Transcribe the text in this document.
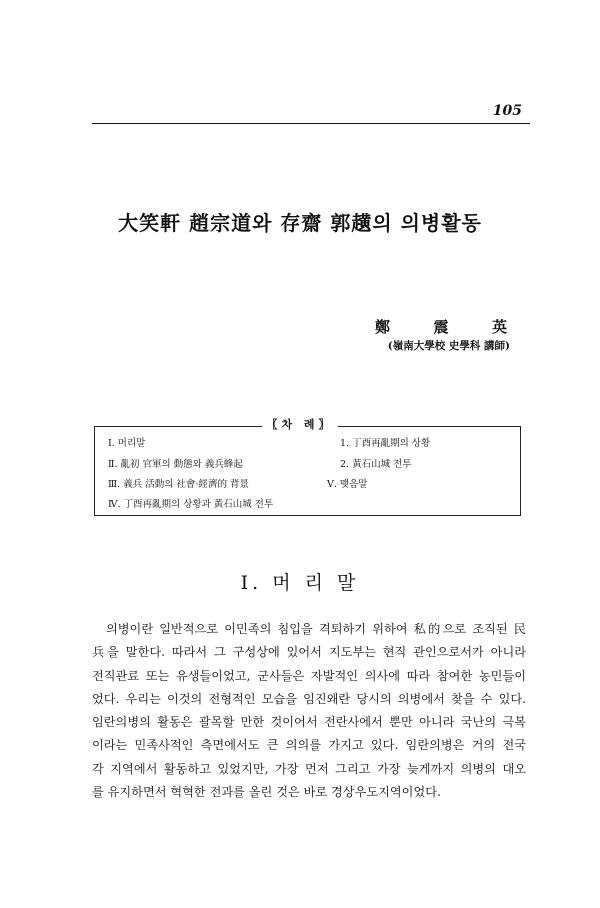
105
大笑軒 趙宗道와 存齋 郭趪의 의병활동
鄭	震	英
(嶺南大學校 史學科 講師)
〖차 례〗
Ⅰ. 머리말
Ⅱ. 亂初 官軍의 動態와 義兵蜂起
Ⅲ. 義兵 活動의 社會·經濟的 背景
Ⅳ. 丁酉再亂期의 상황과 黃石山城 전투
1. 丁酉再亂期의 상황
2. 黃石山城 전투
Ⅴ. 맺음말
Ⅰ. 머 리 말
의병이란 일반적으로 이민족의 침입을 격퇴하기 위하여 私的으로 조직된 民
兵을 말한다. 따라서 그 구성상에 있어서 지도부는 현직 관인으로서가 아니라
전직관료 또는 유생들이었고, 군사들은 자발적인 의사에 따라 참여한 농민들이
었다. 우리는 이것의 전형적인 모습을 임진왜란 당시의 의병에서 찾을 수 있다.
임란의병의 활동은 괄목할 만한 것이어서 전란사에서 뿐만 아니라 국난의 극복
이라는 민족사적인 측면에서도 큰 의의를 가지고 있다. 임란의병은 거의 전국
각 지역에서 활동하고 있었지만, 가장 먼저 그리고 가장 늦게까지 의병의 대오
를 유지하면서 혁혁한 전과를 올린 것은 바로 경상우도지역이었다.
